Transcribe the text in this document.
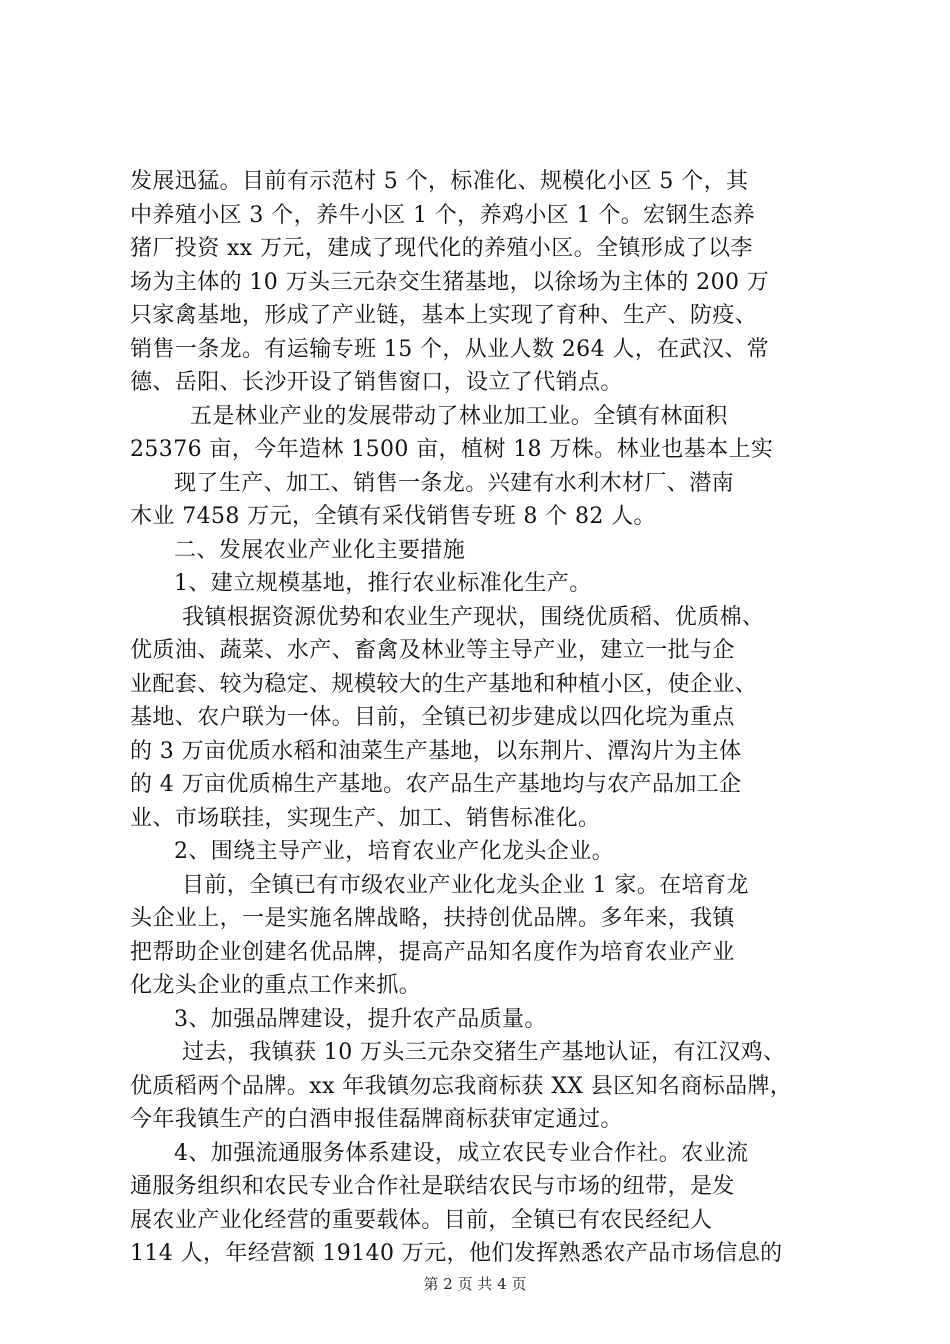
发展迅猛。目前有示范村 5 个，标准化、规模化小区 5 个，其
中养殖小区 3 个，养牛小区 1 个，养鸡小区 1 个。宏钢生态养
猪厂投资 xx 万元，建成了现代化的养殖小区。全镇形成了以李
场为主体的 10 万头三元杂交生猪基地，以徐场为主体的 200 万
只家禽基地，形成了产业链，基本上实现了育种、生产、防疫、
销售一条龙。有运输专班 15 个，从业人数 264 人，在武汉、常
德、岳阳、长沙开设了销售窗口，设立了代销点。
五是林业产业的发展带动了林业加工业。全镇有林面积
25376 亩，今年造林 1500 亩，植树 18 万株。林业也基本上实
现了生产、加工、销售一条龙。兴建有水利木材厂、潜南
木业 7458 万元，全镇有采伐销售专班 8 个 82 人。
二、发展农业产业化主要措施
1、建立规模基地，推行农业标准化生产。
我镇根据资源优势和农业生产现状，围绕优质稻、优质棉、
优质油、蔬菜、水产、畜禽及林业等主导产业，建立一批与企
业配套、较为稳定、规模较大的生产基地和种植小区，使企业、
基地、农户联为一体。目前，全镇已初步建成以四化垸为重点
的 3 万亩优质水稻和油菜生产基地，以东荆片、潭沟片为主体
的 4 万亩优质棉生产基地。农产品生产基地均与农产品加工企
业、市场联挂，实现生产、加工、销售标准化。
2、围绕主导产业，培育农业产化龙头企业。
目前，全镇已有市级农业产业化龙头企业 1 家。在培育龙
头企业上，一是实施名牌战略，扶持创优品牌。多年来，我镇
把帮助企业创建名优品牌，提高产品知名度作为培育农业产业
化龙头企业的重点工作来抓。
3、加强品牌建设，提升农产品质量。
过去，我镇获 10 万头三元杂交猪生产基地认证，有江汉鸡、
优质稻两个品牌。xx 年我镇勿忘我商标获 XX 县区知名商标品牌，
今年我镇生产的白酒申报佳磊牌商标获审定通过。
4、加强流通服务体系建设，成立农民专业合作社。农业流
通服务组织和农民专业合作社是联结农民与市场的纽带，是发
展农业产业化经营的重要载体。目前，全镇已有农民经纪人
114 人，年经营额 19140 万元，他们发挥熟悉农产品市场信息的
第 2 页 共 4 页
